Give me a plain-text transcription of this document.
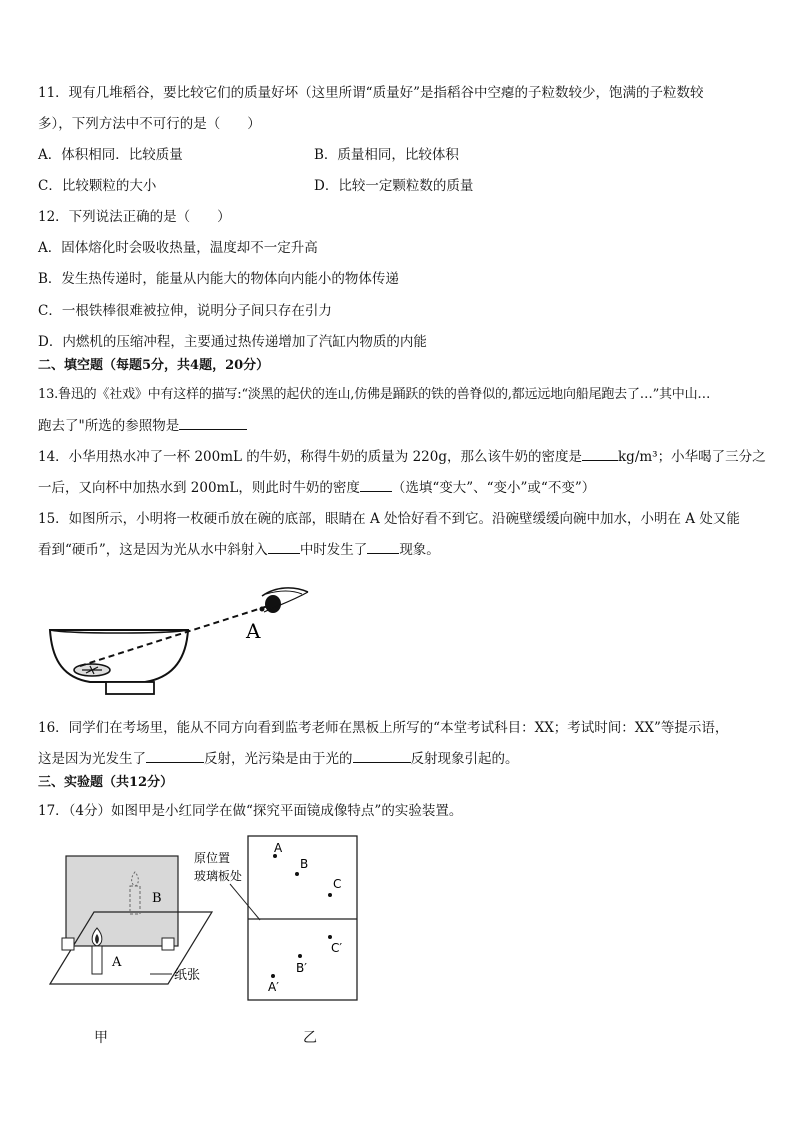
11．现有几堆稻谷，要比较它们的质量好坏（这里所谓“质量好”是指稻谷中空瘪的子粒数较少，饱满的子粒数较
多），下列方法中不可行的是（　　）
A．体积相同．比较质量	B．质量相同，比较体积
C．比较颗粒的大小	D．比较一定颗粒数的质量
12．下列说法正确的是（　　）
A．固体熔化时会吸收热量，温度却不一定升高
B．发生热传递时，能量从内能大的物体向内能小的物体传递
C．一根铁棒很难被拉伸，说明分子间只存在引力
D．内燃机的压缩冲程，主要通过热传递增加了汽缸内物质的内能
二、填空题（每题5分，共4题，20分）
13.鲁迅的《社戏》中有这样的描写:“淡黑的起伏的连山,仿佛是踊跃的铁的兽脊似的,都远远地向船尾跑去了…”其中山…
跑去了"所选的参照物是
14．小华用热水冲了一杯 200mL 的牛奶，称得牛奶的质量为 220g，那么该牛奶的密度是	kg/m³；小华喝了三分之
一后，又向杯中加热水到 200mL，则此时牛奶的密度 （选填“变大”、“变小”或“不变”）
15．如图所示，小明将一枚硬币放在碗的底部，眼睛在 A 处恰好看不到它。沿碗壁缓缓向碗中加水，小明在 A 处又能
看到“硬币”，这是因为光从水中斜射入 中时发生了 现象。
A
16．同学们在考场里，能从不同方向看到监考老师在黑板上所写的“本堂考试科目：XX；考试时间：XX”等提示语，
这是因为光发生了	反射，光污染是由于光的	反射现象引起的。
三、实验题（共12分）
17．（4分）如图甲是小红同学在做“探究平面镜成像特点”的实验装置。
B
A
纸张
原位置
玻璃板处
A
B
C
C′
B′
A′
甲	乙
